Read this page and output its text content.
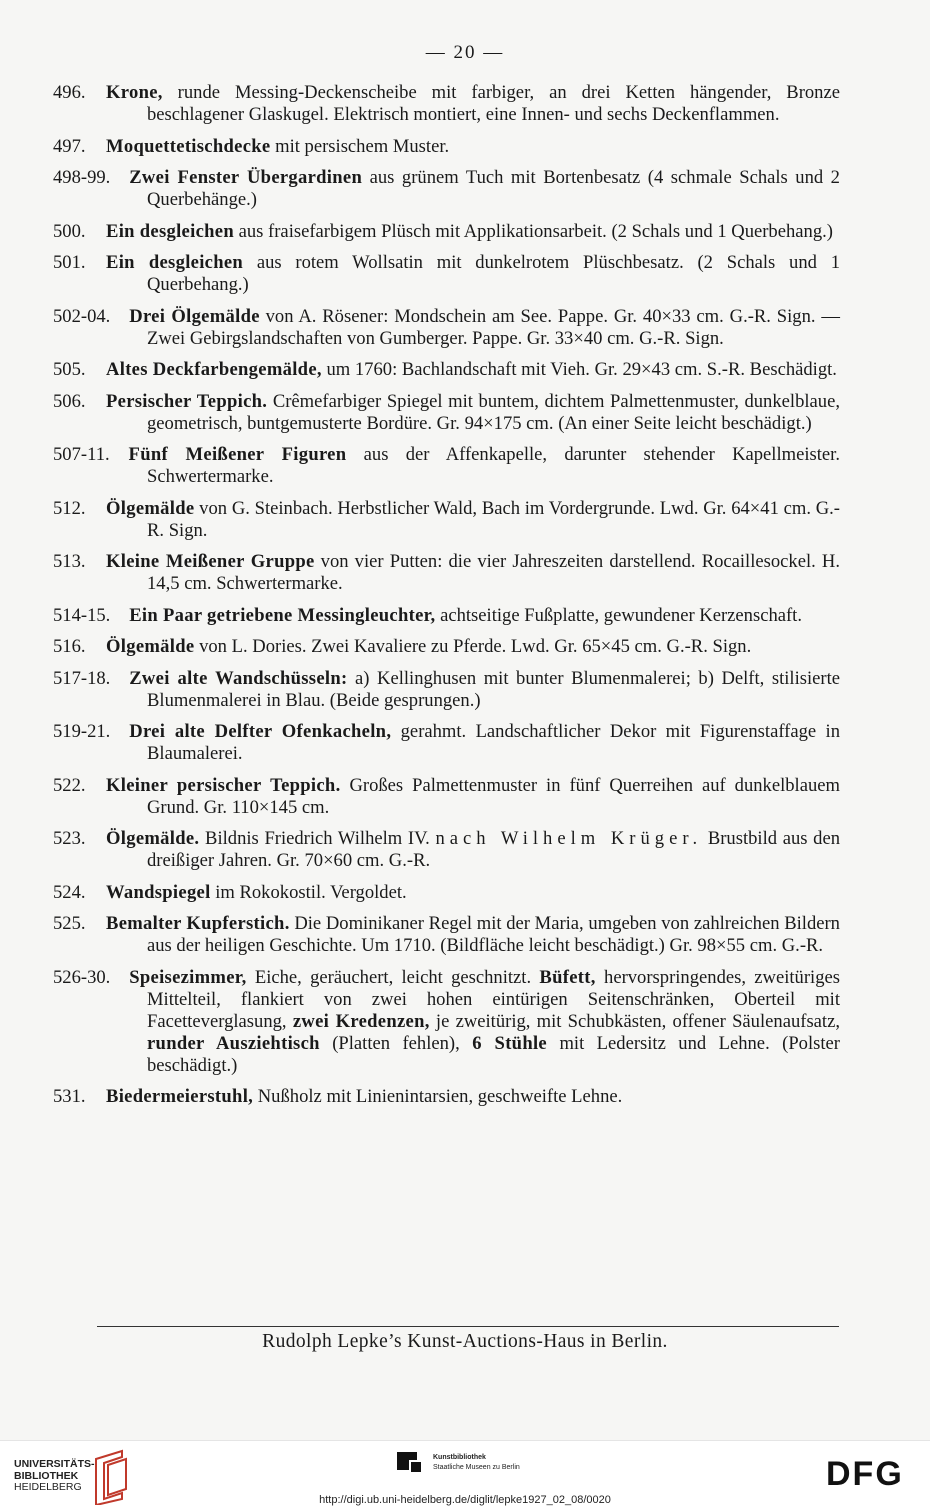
— 20 —
496. Krone, runde Messing-Deckenscheibe mit farbiger, an drei Ketten hängender, Bronze beschlagener Glaskugel. Elektrisch montiert, eine Innen- und sechs Deckenflammen.
497. Moquettetischdecke mit persischem Muster.
498-99. Zwei Fenster Übergardinen aus grünem Tuch mit Bortenbesatz (4 schmale Schals und 2 Querbehänge.)
500. Ein desgleichen aus fraisefarbigem Plüsch mit Applikationsarbeit. (2 Schals und 1 Querbehang.)
501. Ein desgleichen aus rotem Wollsatin mit dunkelrotem Plüschbesatz. (2 Schals und 1 Querbehang.)
502-04. Drei Ölgemälde von A. Rösener: Mondschein am See. Pappe. Gr. 40×33 cm. G.-R. Sign. — Zwei Gebirgslandschaften von Gumberger. Pappe. Gr. 33×40 cm. G.-R. Sign.
505. Altes Deckfarbengemälde, um 1760: Bachlandschaft mit Vieh. Gr. 29×43 cm. S.-R. Beschädigt.
506. Persischer Teppich. Crêmefarbiger Spiegel mit buntem, dichtem Palmettenmuster, dunkelblaue, geometrisch, buntgemusterte Bordüre. Gr. 94×175 cm. (An einer Seite leicht beschädigt.)
507-11. Fünf Meißener Figuren aus der Affenkapelle, darunter stehender Kapellmeister. Schwertermarke.
512. Ölgemälde von G. Steinbach. Herbstlicher Wald, Bach im Vordergrunde. Lwd. Gr. 64×41 cm. G.-R. Sign.
513. Kleine Meißener Gruppe von vier Putten: die vier Jahreszeiten darstellend. Rocaillesockel. H. 14,5 cm. Schwertermarke.
514-15. Ein Paar getriebene Messingleuchter, achtseitige Fußplatte, gewundener Kerzenschaft.
516. Ölgemälde von L. Dories. Zwei Kavaliere zu Pferde. Lwd. Gr. 65×45 cm. G.-R. Sign.
517-18. Zwei alte Wandschüsseln: a) Kellinghusen mit bunter Blumenmalerei; b) Delft, stilisierte Blumenmalerei in Blau. (Beide gesprungen.)
519-21. Drei alte Delfter Ofenkacheln, gerahmt. Landschaftlicher Dekor mit Figurenstaffage in Blaumalerei.
522. Kleiner persischer Teppich. Großes Palmettenmuster in fünf Querreihen auf dunkelblauem Grund. Gr. 110×145 cm.
523. Ölgemälde. Bildnis Friedrich Wilhelm IV. nach Wilhelm Krüger. Brustbild aus den dreißiger Jahren. Gr. 70×60 cm. G.-R.
524. Wandspiegel im Rokokostil. Vergoldet.
525. Bemalter Kupferstich. Die Dominikaner Regel mit der Maria, umgeben von zahlreichen Bildern aus der heiligen Geschichte. Um 1710. (Bildfläche leicht beschädigt.) Gr. 98×55 cm. G.-R.
526-30. Speisezimmer, Eiche, geräuchert, leicht geschnitzt. Büfett, hervorspringendes, zweitüriges Mittelteil, flankiert von zwei hohen eintürigen Seitenschränken, Oberteil mit Facetteverglasung, zwei Kredenzen, je zweitürig, mit Schubkästen, offener Säulenaufsatz, runder Ausziehtisch (Platten fehlen), 6 Stühle mit Ledersitz und Lehne. (Polster beschädigt.)
531. Biedermeierstuhl, Nußholz mit Linienintarsien, geschweifte Lehne.
Rudolph Lepke’s Kunst-Auctions-Haus in Berlin.
UNIVERSITÄTS-
BIBLIOTHEK
HEIDELBERG
Kunstbibliothek
Staatliche Museen zu Berlin
http://digi.ub.uni-heidelberg.de/diglit/lepke1927_02_08/0020
DFG
